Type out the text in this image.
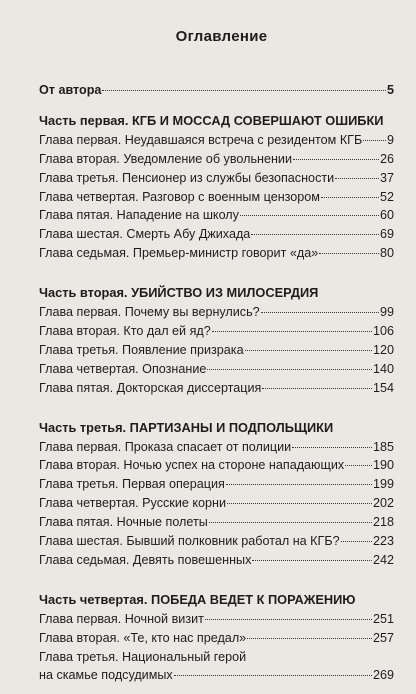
Оглавление
От автора	5
Часть первая. КГБ И МОССАД СОВЕРШАЮТ ОШИБКИ
Глава первая. Неудавшаяся встреча с резидентом КГБ 9
Глава вторая. Уведомление об увольнении	26
Глава третья. Пенсионер из службы безопасности	37
Глава четвертая. Разговор с военным цензором	52
Глава пятая. Нападение на школу	60
Глава шестая. Смерть Абу Джихада	69
Глава седьмая. Премьер-министр говорит «да»	80
Часть вторая. УБИЙСТВО ИЗ МИЛОСЕРДИЯ
Глава первая. Почему вы вернулись?	99
Глава вторая. Кто дал ей яд?	106
Глава третья. Появление призрака	120
Глава четвертая. Опознание	140
Глава пятая. Докторская диссертация	154
Часть третья. ПАРТИЗАНЫ И ПОДПОЛЬЩИКИ
Глава первая. Проказа спасает от полиции	185
Глава вторая. Ночью успех на стороне нападающих 190
Глава третья. Первая операция	199
Глава четвертая. Русские корни	202
Глава пятая. Ночные полеты	218
Глава шестая. Бывший полковник работал на КГБ?	223
Глава седьмая. Девять повешенных	242
Часть четвертая. ПОБЕДА ВЕДЕТ К ПОРАЖЕНИЮ
Глава первая. Ночной визит	251
Глава вторая. «Те, кто нас предал»	257
Глава третья. Национальный герой
на скамье подсудимых	269
